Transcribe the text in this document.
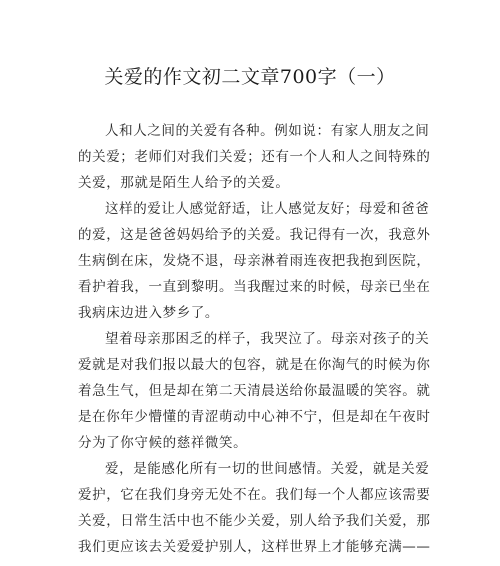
关爱的作文初二文章700字（一）
人和人之间的关爱有各种。例如说：有家人朋友之间
的关爱；老师们对我们关爱；还有一个人和人之间特殊的
关爱，那就是陌生人给予的关爱。
这样的爱让人感觉舒适，让人感觉友好；母爱和爸爸
的爱，这是爸爸妈妈给予的关爱。我记得有一次，我意外
生病倒在床，发烧不退，母亲淋着雨连夜把我抱到医院，
看护着我，一直到黎明。当我醒过来的时候，母亲已坐在
我病床边进入梦乡了。
望着母亲那困乏的样子，我哭泣了。母亲对孩子的关
爱就是对我们报以最大的包容，就是在你淘气的时候为你
着急生气，但是却在第二天清晨送给你最温暖的笑容。就
是在你年少懵懂的青涩萌动中心神不宁，但是却在午夜时
分为了你守候的慈祥微笑。
爱，是能感化所有一切的世间感情。关爱，就是关爱
爱护，它在我们身旁无处不在。我们每一个人都应该需要
关爱，日常生活中也不能少关爱，别人给予我们关爱，那
我们更应该去关爱爱护别人，这样世界上才能够充满——
